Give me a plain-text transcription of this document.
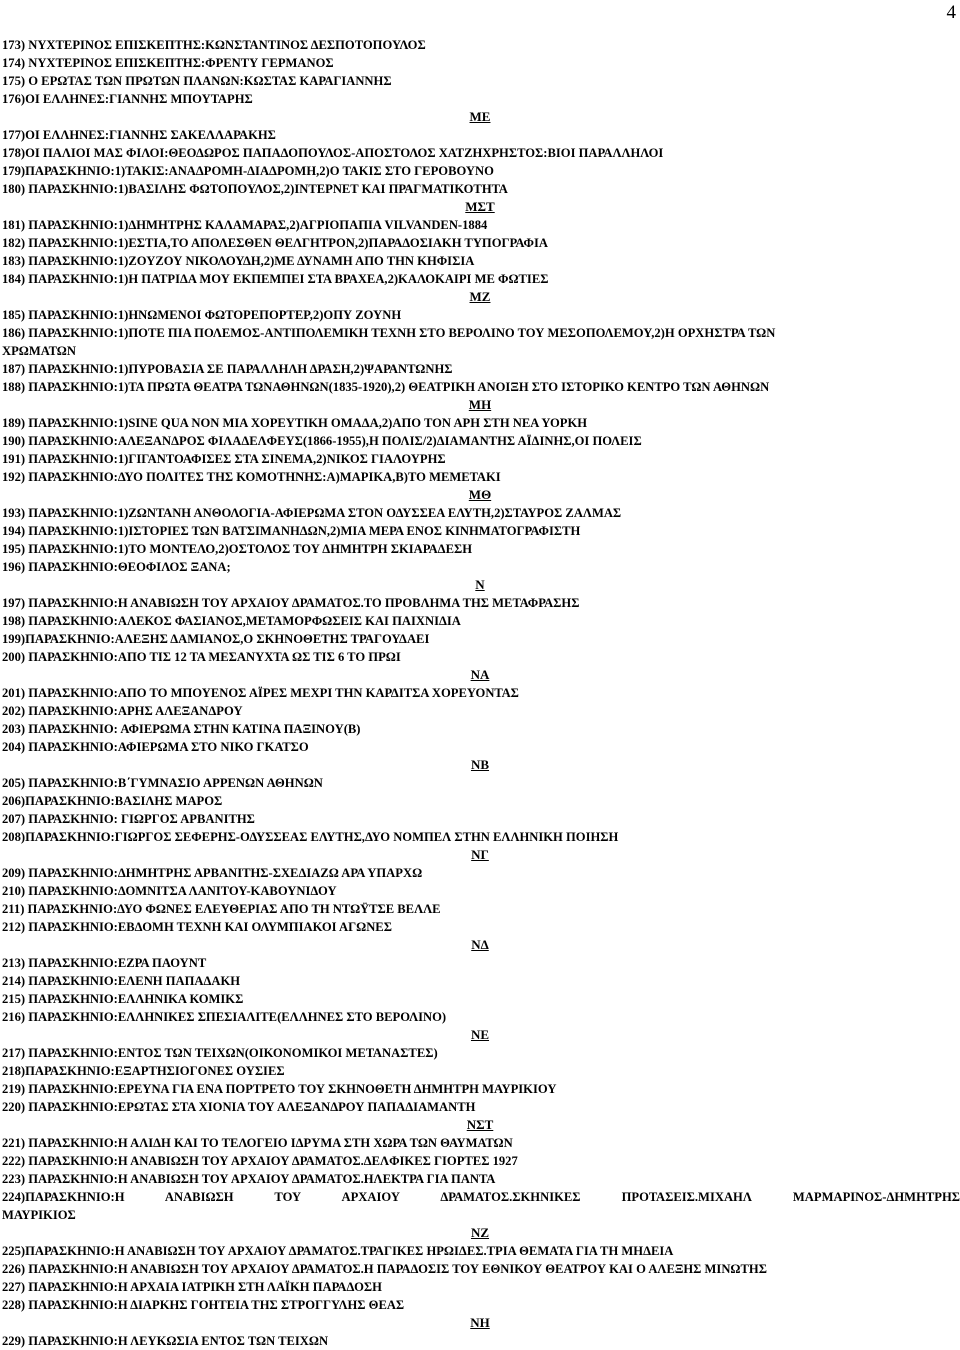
4
173) ΝΥΧΤΕΡΙΝΟΣ ΕΠΙΣΚΕΠΤΗΣ:ΚΩΝΣΤΑΝΤΙΝΟΣ ΔΕΣΠΟΤΟΠΟΥΛΟΣ
174) ΝΥΧΤΕΡΙΝΟΣ ΕΠΙΣΚΕΠΤΗΣ:ΦΡΕΝΤΥ ΓΕΡΜΑΝΟΣ
175) Ο ΕΡΩΤΑΣ ΤΩΝ ΠΡΩΤΩΝ ΠΛΑΝΩΝ:ΚΩΣΤΑΣ ΚΑΡΑΓΙΑΝΝΗΣ
176)ΟΙ ΕΛΛΗΝΕΣ:ΓΙΑΝΝΗΣ ΜΠΟΥΤΑΡΗΣ
ΜΕ
177)ΟΙ ΕΛΛΗΝΕΣ:ΓΙΑΝΝΗΣ ΣΑΚΕΛΛΑΡΑΚΗΣ
178)ΟΙ ΠΑΛΙΟΙ ΜΑΣ ΦΙΛΟΙ:ΘΕΟΔΩΡΟΣ ΠΑΠΑΔΟΠΟΥΛΟΣ-ΑΠΟΣΤΟΛΟΣ ΧΑΤΖΗΧΡΗΣΤΟΣ:ΒΙΟΙ ΠΑΡΑΛΛΗΛΟΙ
179)ΠΑΡΑΣΚΗΝΙΟ:1)ΤΑΚΙΣ:ΑΝΑΔΡΟΜΗ-ΔΙΑΔΡΟΜΗ,2)Ο ΤΑΚΙΣ ΣΤΟ ΓΕΡΟΒΟΥΝΟ
180) ΠΑΡΑΣΚΗΝΙΟ:1)ΒΑΣΙΛΗΣ ΦΩΤΟΠΟΥΛΟΣ,2)ΙΝΤΕΡΝΕΤ ΚΑΙ ΠΡΑΓΜΑΤΙΚΟΤΗΤΑ
ΜΣΤ
181) ΠΑΡΑΣΚΗΝΙΟ:1)ΔΗΜΗΤΡΗΣ ΚΑΛΑΜΑΡΑΣ,2)ΑΓΡΙΟΠΑΠΙΑ VILVANDEN-1884
182) ΠΑΡΑΣΚΗΝΙΟ:1)ΕΣΤΙΑ,ΤΟ ΑΠΟΛΕΣΘΕΝ ΘΕΛΓΗΤΡΟΝ,2)ΠΑΡΑΔΟΣΙΑΚΗ ΤΥΠΟΓΡΑΦΙΑ
183) ΠΑΡΑΣΚΗΝΙΟ:1)ΖΟΥΖΟΥ ΝΙΚΟΛΟΥΔΗ,2)ΜΕ ΔΥΝΑΜΗ ΑΠΟ ΤΗΝ ΚΗΦΙΣΙΑ
184) ΠΑΡΑΣΚΗΝΙΟ:1)Η ΠΑΤΡΙΔΑ ΜΟΥ ΕΚΠΕΜΠΕΙ ΣΤΑ ΒΡΑΧΕΑ,2)ΚΑΛΟΚΑΙΡΙ ΜΕ ΦΩΤΙΕΣ
ΜΖ
185) ΠΑΡΑΣΚΗΝΙΟ:1)ΗΝΩΜΕΝΟΙ ΦΩΤΟΡΕΠΟΡΤΕΡ,2)ΟΠΥ ΖΟΥΝΗ
186) ΠΑΡΑΣΚΗΝΙΟ:1)ΠΟΤΕ ΠΙΑ ΠΟΛΕΜΟΣ-ΑΝΤΙΠΟΛΕΜΙΚΗ ΤΕΧΝΗ ΣΤΟ ΒΕΡΟΛΙΝΟ ΤΟΥ ΜΕΣΟΠΟΛΕΜΟΥ,2)Η ΟΡΧΗΣΤΡΑ ΤΩΝ
ΧΡΩΜΑΤΩΝ
187) ΠΑΡΑΣΚΗΝΙΟ:1)ΠΥΡΟΒΑΣΙΑ ΣΕ ΠΑΡΑΛΛΗΛΗ ΔΡΑΣΗ,2)ΨΑΡΑΝΤΩΝΗΣ
188) ΠΑΡΑΣΚΗΝΙΟ:1)ΤΑ ΠΡΩΤΑ ΘΕΑΤΡΑ ΤΩΝΑΘΗΝΩΝ(1835-1920),2) ΘΕΑΤΡΙΚΗ ΑΝΟΙΞΗ ΣΤΟ ΙΣΤΟΡΙΚΟ ΚΕΝΤΡΟ ΤΩΝ ΑΘΗΝΩΝ
ΜΗ
189) ΠΑΡΑΣΚΗΝΙΟ:1)SINE QUA NON ΜΙΑ ΧΟΡΕΥΤΙΚΗ ΟΜΑΔΑ,2)ΑΠΟ ΤΟΝ ΑΡΗ ΣΤΗ ΝΕΑ ΥΟΡΚΗ
190) ΠΑΡΑΣΚΗΝΙΟ:ΑΛΕΞΑΝΔΡΟΣ ΦΙΛΑΔΕΛΦΕΥΣ(1866-1955),Η ΠΟΛΙΣ/2)ΔΙΑΜΑΝΤΗΣ ΑΪΔΙΝΗΣ,ΟΙ ΠΟΛΕΙΣ
191) ΠΑΡΑΣΚΗΝΙΟ:1)ΓΙΓΑΝΤΟΑΦΙΣΕΣ ΣΤΑ ΣΙΝΕΜΑ,2)ΝΙΚΟΣ ΓΙΑΛΟΥΡΗΣ
192) ΠΑΡΑΣΚΗΝΙΟ:ΔΥΟ ΠΟΛΙΤΕΣ ΤΗΣ ΚΟΜΟΤΗΝΗΣ:Α)ΜΑΡΙΚΑ,Β)ΤΟ ΜΕΜΕΤΑΚΙ
ΜΘ
193) ΠΑΡΑΣΚΗΝΙΟ:1)ΖΩΝΤΑΝΗ ΑΝΘΟΛΟΓΙΑ-ΑΦΙΕΡΩΜΑ ΣΤΟΝ ΟΔΥΣΣΕΑ ΕΛΥΤΗ,2)ΣΤΑΥΡΟΣ ΖΑΛΜΑΣ
194) ΠΑΡΑΣΚΗΝΙΟ:1)ΙΣΤΟΡΙΕΣ ΤΩΝ ΒΑΤΣΙΜΑΝΗΔΩΝ,2)ΜΙΑ ΜΕΡΑ ΕΝΟΣ ΚΙΝΗΜΑΤΟΓΡΑΦΙΣΤΗ
195) ΠΑΡΑΣΚΗΝΙΟ:1)ΤΟ ΜΟΝΤΕΛΟ,2)ΟΣΤΟΛΟΣ ΤΟΥ ΔΗΜΗΤΡΗ ΣΚΙΑΡΑΔΕΣΗ
196) ΠΑΡΑΣΚΗΝΙΟ:ΘΕΟΦΙΛΟΣ ΞΑΝΑ;
Ν
197) ΠΑΡΑΣΚΗΝΙΟ:Η ΑΝΑΒΙΩΣΗ ΤΟΥ ΑΡΧΑΙΟΥ ΔΡΑΜΑΤΟΣ.ΤΟ ΠΡΟΒΛΗΜΑ ΤΗΣ ΜΕΤΑΦΡΑΣΗΣ
198) ΠΑΡΑΣΚΗΝΙΟ:ΑΛΕΚΟΣ ΦΑΣΙΑΝΟΣ,ΜΕΤΑΜΟΡΦΩΣΕΙΣ ΚΑΙ ΠΑΙΧΝΙΔΙΑ
199)ΠΑΡΑΣΚΗΝΙΟ:ΑΛΕΞΗΣ ΔΑΜΙΑΝΟΣ,Ο ΣΚΗΝΟΘΕΤΗΣ ΤΡΑΓΟΥΔΑΕΙ
200) ΠΑΡΑΣΚΗΝΙΟ:ΑΠΟ ΤΙΣ 12 ΤΑ ΜΕΣΑΝΥΧΤΑ ΩΣ ΤΙΣ 6 ΤΟ ΠΡΩΙ
ΝΑ
201) ΠΑΡΑΣΚΗΝΙΟ:ΑΠΟ ΤΟ ΜΠΟΥΕΝΟΣ ΑΪΡΕΣ ΜΕΧΡΙ ΤΗΝ ΚΑΡΔΙΤΣΑ ΧΟΡΕΥΟΝΤΑΣ
202) ΠΑΡΑΣΚΗΝΙΟ:ΑΡΗΣ ΑΛΕΞΑΝΔΡΟΥ
203) ΠΑΡΑΣΚΗΝΙΟ: ΑΦΙΕΡΩΜΑ ΣΤΗΝ ΚΑΤΙΝΑ ΠΑΞΙΝΟΥ(Β)
204) ΠΑΡΑΣΚΗΝΙΟ:ΑΦΙΕΡΩΜΑ ΣΤΟ ΝΙΚΟ ΓΚΑΤΣΟ
ΝΒ
205) ΠΑΡΑΣΚΗΝΙΟ:Β΄ΓΥΜΝΑΣΙΟ ΑΡΡΕΝΩΝ ΑΘΗΝΩΝ
206)ΠΑΡΑΣΚΗΝΙΟ:ΒΑΣΙΛΗΣ ΜΑΡΟΣ
207) ΠΑΡΑΣΚΗΝΙΟ: ΓΙΩΡΓΟΣ ΑΡΒΑΝΙΤΗΣ
208)ΠΑΡΑΣΚΗΝΙΟ:ΓΙΩΡΓΟΣ ΣΕΦΕΡΗΣ-ΟΔΥΣΣΕΑΣ ΕΛΥΤΗΣ,ΔΥΟ ΝΟΜΠΕΛ ΣΤΗΝ ΕΛΛΗΝΙΚΗ ΠΟΙΗΣΗ
ΝΓ
209) ΠΑΡΑΣΚΗΝΙΟ:ΔΗΜΗΤΡΗΣ ΑΡΒΑΝΙΤΗΣ-ΣΧΕΔΙΑΖΩ ΑΡΑ ΥΠΑΡΧΩ
210) ΠΑΡΑΣΚΗΝΙΟ:ΔΟΜΝΙΤΣΑ ΛΑΝΙΤΟΥ-ΚΑΒΟΥΝΙΔΟΥ
211) ΠΑΡΑΣΚΗΝΙΟ:ΔΥΟ ΦΩΝΕΣ ΕΛΕΥΘΕΡΙΑΣ ΑΠΟ ΤΗ ΝΤΩΫΤΣΕ ΒΕΛΛΕ
212) ΠΑΡΑΣΚΗΝΙΟ:ΕΒΔΟΜΗ ΤΕΧΝΗ ΚΑΙ ΟΛΥΜΠΙΑΚΟΙ ΑΓΩΝΕΣ
ΝΔ
213) ΠΑΡΑΣΚΗΝΙΟ:ΕΖΡΑ ΠΑΟΥΝΤ
214) ΠΑΡΑΣΚΗΝΙΟ:ΕΛΕΝΗ ΠΑΠΑΔΑΚΗ
215) ΠΑΡΑΣΚΗΝΙΟ:ΕΛΛΗΝΙΚΑ ΚΟΜΙΚΣ
216) ΠΑΡΑΣΚΗΝΙΟ:ΕΛΛΗΝΙΚΕΣ ΣΠΕΣΙΑΛΙΤΕ(ΕΛΛΗΝΕΣ ΣΤΟ ΒΕΡΟΛΙΝΟ)
ΝΕ
217) ΠΑΡΑΣΚΗΝΙΟ:ΕΝΤΟΣ ΤΩΝ ΤΕΙΧΩΝ(ΟΙΚΟΝΟΜΙΚΟΙ ΜΕΤΑΝΑΣΤΕΣ)
218)ΠΑΡΑΣΚΗΝΙΟ:ΕΞΑΡΤΗΣΙΟΓΟΝΕΣ ΟΥΣΙΕΣ
219) ΠΑΡΑΣΚΗΝΙΟ:ΕΡΕΥΝΑ ΓΙΑ ΕΝΑ ΠΟΡΤΡΕΤΟ ΤΟΥ ΣΚΗΝΟΘΕΤΗ ΔΗΜΗΤΡΗ ΜΑΥΡΙΚΙΟΥ
220) ΠΑΡΑΣΚΗΝΙΟ:ΕΡΩΤΑΣ ΣΤΑ ΧΙΟΝΙΑ ΤΟΥ ΑΛΕΞΑΝΔΡΟΥ ΠΑΠΑΔΙΑΜΑΝΤΗ
ΝΣΤ
221) ΠΑΡΑΣΚΗΝΙΟ:Η ΑΛΙΔΗ ΚΑΙ ΤΟ ΤΕΛΟΓΕΙΟ ΙΔΡΥΜΑ ΣΤΗ ΧΩΡΑ ΤΩΝ ΘΑΥΜΑΤΩΝ
222) ΠΑΡΑΣΚΗΝΙΟ:Η ΑΝΑΒΙΩΣΗ ΤΟΥ ΑΡΧΑΙΟΥ ΔΡΑΜΑΤΟΣ.ΔΕΛΦΙΚΕΣ ΓΙΟΡΤΕΣ 1927
223) ΠΑΡΑΣΚΗΝΙΟ:Η ΑΝΑΒΙΩΣΗ ΤΟΥ ΑΡΧΑΙΟΥ ΔΡΑΜΑΤΟΣ.ΗΛΕΚΤΡΑ ΓΙΑ ΠΑΝΤΑ
224)ΠΑΡΑΣΚΗΝΙΟ:Η ΑΝΑΒΙΩΣΗ ΤΟΥ ΑΡΧΑΙΟΥ ΔΡΑΜΑΤΟΣ.ΣΚΗΝΙΚΕΣ ΠΡΟΤΑΣΕΙΣ.ΜΙΧΑΗΛ ΜΑΡΜΑΡΙΝΟΣ-ΔΗΜΗΤΡΗΣ
ΜΑΥΡΙΚΙΟΣ
ΝΖ
225)ΠΑΡΑΣΚΗΝΙΟ:Η ΑΝΑΒΙΩΣΗ ΤΟΥ ΑΡΧΑΙΟΥ ΔΡΑΜΑΤΟΣ.ΤΡΑΓΙΚΕΣ ΗΡΩΙΔΕΣ.ΤΡΙΑ ΘΕΜΑΤΑ ΓΙΑ ΤΗ ΜΗΔΕΙΑ
226) ΠΑΡΑΣΚΗΝΙΟ:Η ΑΝΑΒΙΩΣΗ ΤΟΥ ΑΡΧΑΙΟΥ ΔΡΑΜΑΤΟΣ.Η ΠΑΡΑΔΟΣΙΣ ΤΟΥ ΕΘΝΙΚΟΥ ΘΕΑΤΡΟΥ ΚΑΙ Ο ΑΛΕΞΗΣ ΜΙΝΩΤΗΣ
227) ΠΑΡΑΣΚΗΝΙΟ:Η ΑΡΧΑΙΑ ΙΑΤΡΙΚΗ ΣΤΗ ΛΑΪΚΗ ΠΑΡΑΔΟΣΗ
228) ΠΑΡΑΣΚΗΝΙΟ:Η ΔΙΑΡΚΗΣ ΓΟΗΤΕΙΑ ΤΗΣ ΣΤΡΟΓΓΥΛΗΣ ΘΕΑΣ
ΝΗ
229) ΠΑΡΑΣΚΗΝΙΟ:Η ΛΕΥΚΩΣΙΑ ΕΝΤΟΣ ΤΩΝ ΤΕΙΧΩΝ
